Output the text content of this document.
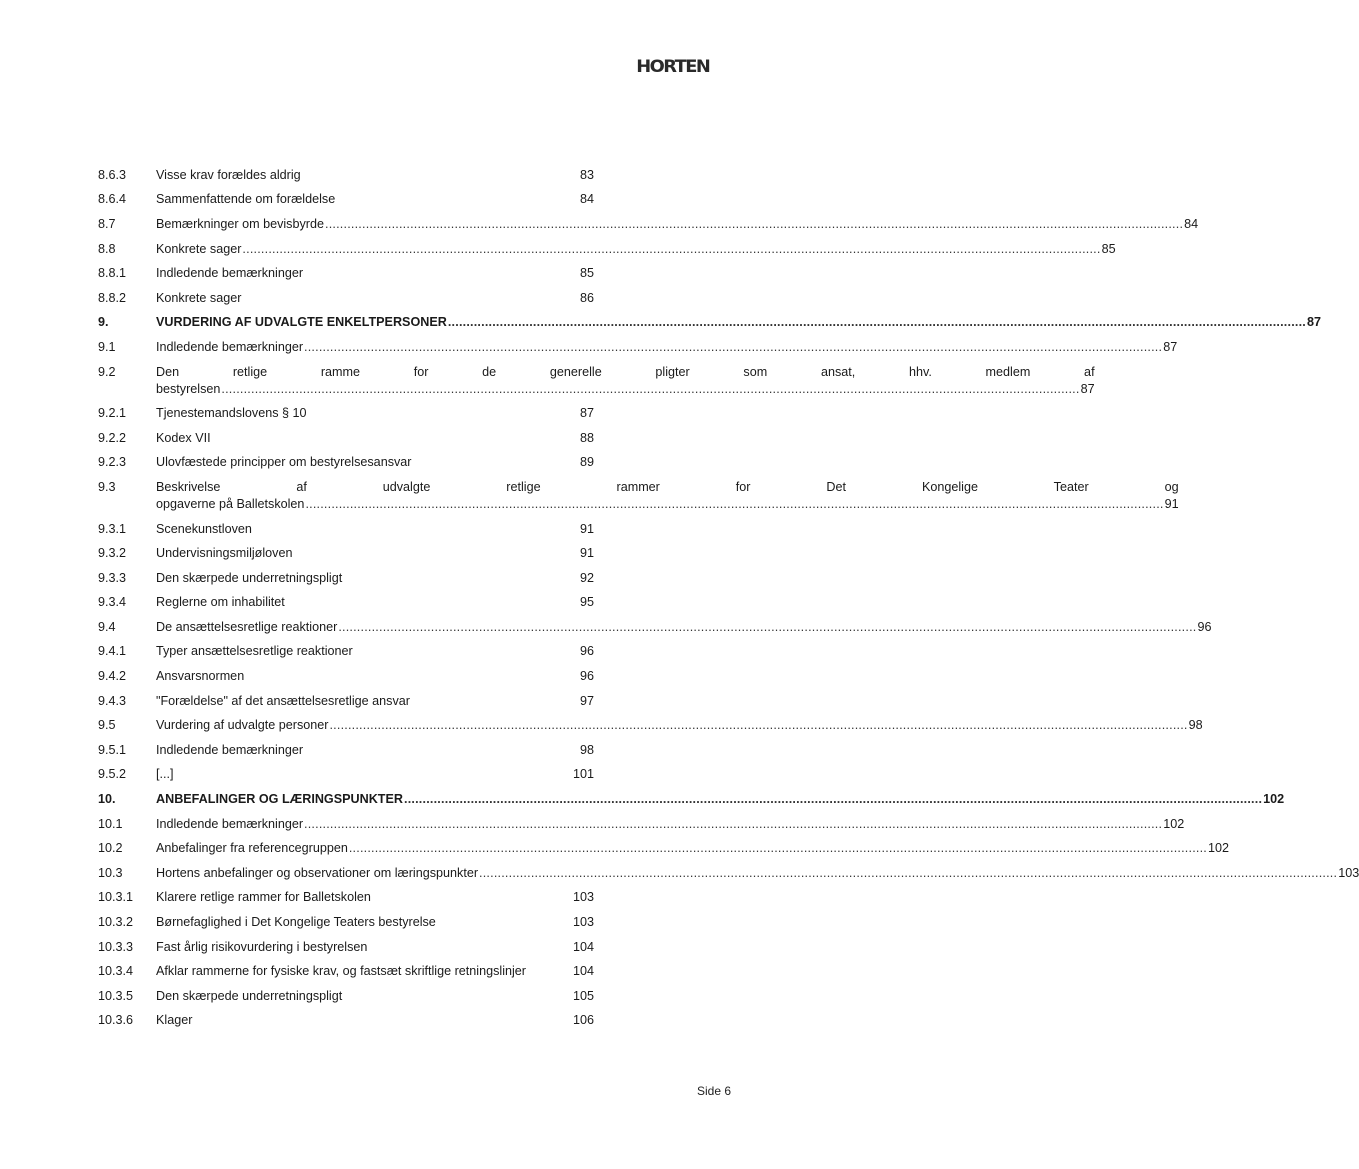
HORTEN
8.6.3	Visse krav forældes aldrig	83
8.6.4	Sammenfattende om forældelse	84
8.7	Bemærkninger om bevisbyrde .....	84
8.8	Konkrete sager .....	85
8.8.1	Indledende bemærkninger	85
8.8.2	Konkrete sager	86
9.	VURDERING AF UDVALGTE ENKELTPERSONER .....	87
9.1	Indledende bemærkninger .....	87
9.2	Den retlige ramme for de generelle pligter som ansat, hhv. medlem af
bestyrelsen .....	87
9.2.1	Tjenestemandslovens § 10	87
9.2.2	Kodex VII	88
9.2.3	Ulovfæstede principper om bestyrelsesansvar	89
9.3	Beskrivelse af udvalgte retlige rammer for Det Kongelige Teater og
opgaverne på Balletskolen .....	91
9.3.1	Scenekunstloven	91
9.3.2	Undervisningsmiljøloven	91
9.3.3	Den skærpede underretningspligt	92
9.3.4	Reglerne om inhabilitet	95
9.4	De ansættelsesretlige reaktioner .....	96
9.4.1	Typer ansættelsesretlige reaktioner	96
9.4.2	Ansvarsnormen	96
9.4.3	"Forældelse" af det ansættelsesretlige ansvar	97
9.5	Vurdering af udvalgte personer .....	98
9.5.1	Indledende bemærkninger	98
9.5.2	[...]	101
10.	ANBEFALINGER OG LÆRINGSPUNKTER .....	102
10.1	Indledende bemærkninger .....	102
10.2	Anbefalinger fra referencegruppen .....	102
10.3	Hortens anbefalinger og observationer om læringspunkter .....	103
10.3.1	Klarere retlige rammer for Balletskolen	103
10.3.2	Børnefaglighed i Det Kongelige Teaters bestyrelse	103
10.3.3	Fast årlig risikovurdering i bestyrelsen	104
10.3.4	Afklar rammerne for fysiske krav, og fastsæt skriftlige retningslinjer	104
10.3.5	Den skærpede underretningspligt	105
10.3.6	Klager	106
Side 6
